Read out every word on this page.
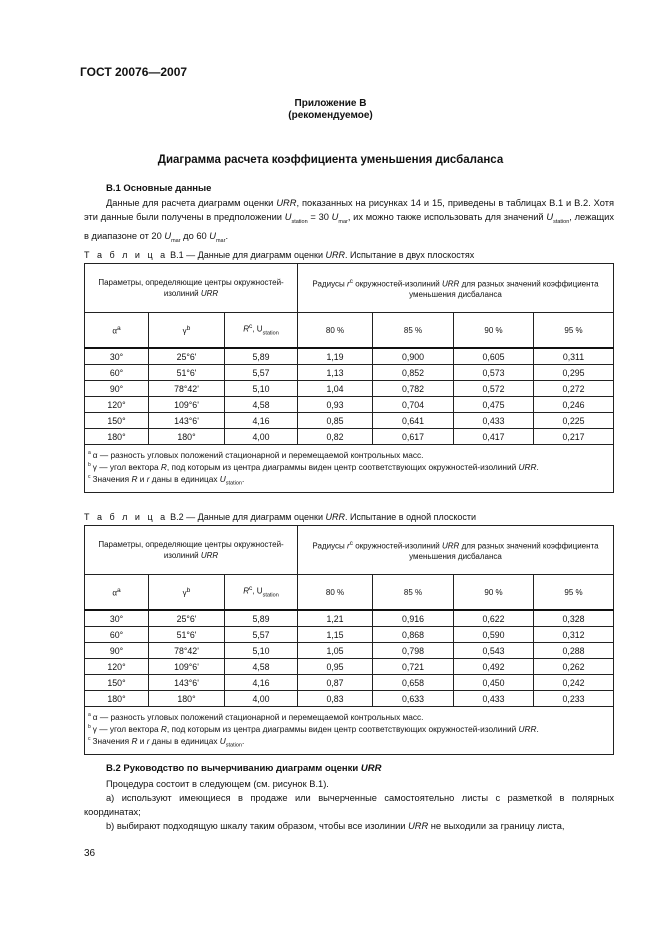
ГОСТ 20076—2007
Приложение В
(рекомендуемое)
Диаграмма расчета коэффициента уменьшения дисбаланса
В.1 Основные данные

Данные для расчета диаграмм оценки URR, показанных на рисунках 14 и 15, приведены в таблицах В.1 и В.2. Хотя эти данные были получены в предположении $U_{station} = 30$ $U_{mar}$, их можно также использовать для значений $U_{station}$, лежащих в диапазоне от 20 $U_{mar}$ до 60 $U_{mar}$.

Т а б л и ц а В.1 — Данные для диаграмм оценки URR. Испытание в двух плоскостях
Параметры, определяющие центры окружностей-изолиний URR			Радиусы $r^c$ окружностей-изолиний URR для разных значений коэффициента уменьшения дисбаланса			
$\alpha^a$	$\gamma^b$	$R^c$, $U_{station}$	80 %	85 %	90 %	95 %
30°	25°6'	5,89	1,19	0,900	0,605	0,311
60°	51°6'	5,57	1,13	0,852	0,573	0,295
90°	78°42'	5,10	1,04	0,782	0,572	0,272
120°	109°6'	4,58	0,93	0,704	0,475	0,246
150°	143°6'	4,16	0,85	0,641	0,433	0,225
180°	180°	4,00	0,82	0,617	0,417	0,217

$^a$ α — разность угловых положений стационарной и перемещаемой контрольных масс.
$^b$ γ — угол вектора R, под которым из центра диаграммы виден центр соответствующих окружностей-изолиний URR.
$^c$ Значения R и r даны в единицах $U_{station}$.						
Т а б л и ц а В.2 — Данные для диаграмм оценки URR. Испытание в одной плоскости
Параметры, определяющие центры окружностей-изолиний URR			Радиусы $r^c$ окружностей-изолиний URR для разных значений коэффициента уменьшения дисбаланса			
$\alpha^a$	$\gamma^b$	$R^c$, $U_{station}$	80 %	85 %	90 %	95 %
30°	25°6'	5,89	1,21	0,916	0,622	0,328
60°	51°6'	5,57	1,15	0,868	0,590	0,312
90°	78°42'	5,10	1,05	0,798	0,543	0,288
120°	109°6'	4,58	0,95	0,721	0,492	0,262
150°	143°6'	4,16	0,87	0,658	0,450	0,242
180°	180°	4,00	0,83	0,633	0,433	0,233

$^a$ α — разность угловых положений стационарной и перемещаемой контрольных масс.
$^b$ γ — угол вектора R, под которым из центра диаграммы виден центр соответствующих окружностей-изолиний URR.
$^c$ Значения R и r даны в единицах $U_{station}$.						
В.2 Руководство по вычерчиванию диаграмм оценки URR

Процедура состоит в следующем (см. рисунок В.1).

a) используют имеющиеся в продаже или вычерченные самостоятельно листы с разметкой в полярных координатах;

b) выбирают подходящую шкалу таким образом, чтобы все изолинии URR не выходили за границу листа,

36
